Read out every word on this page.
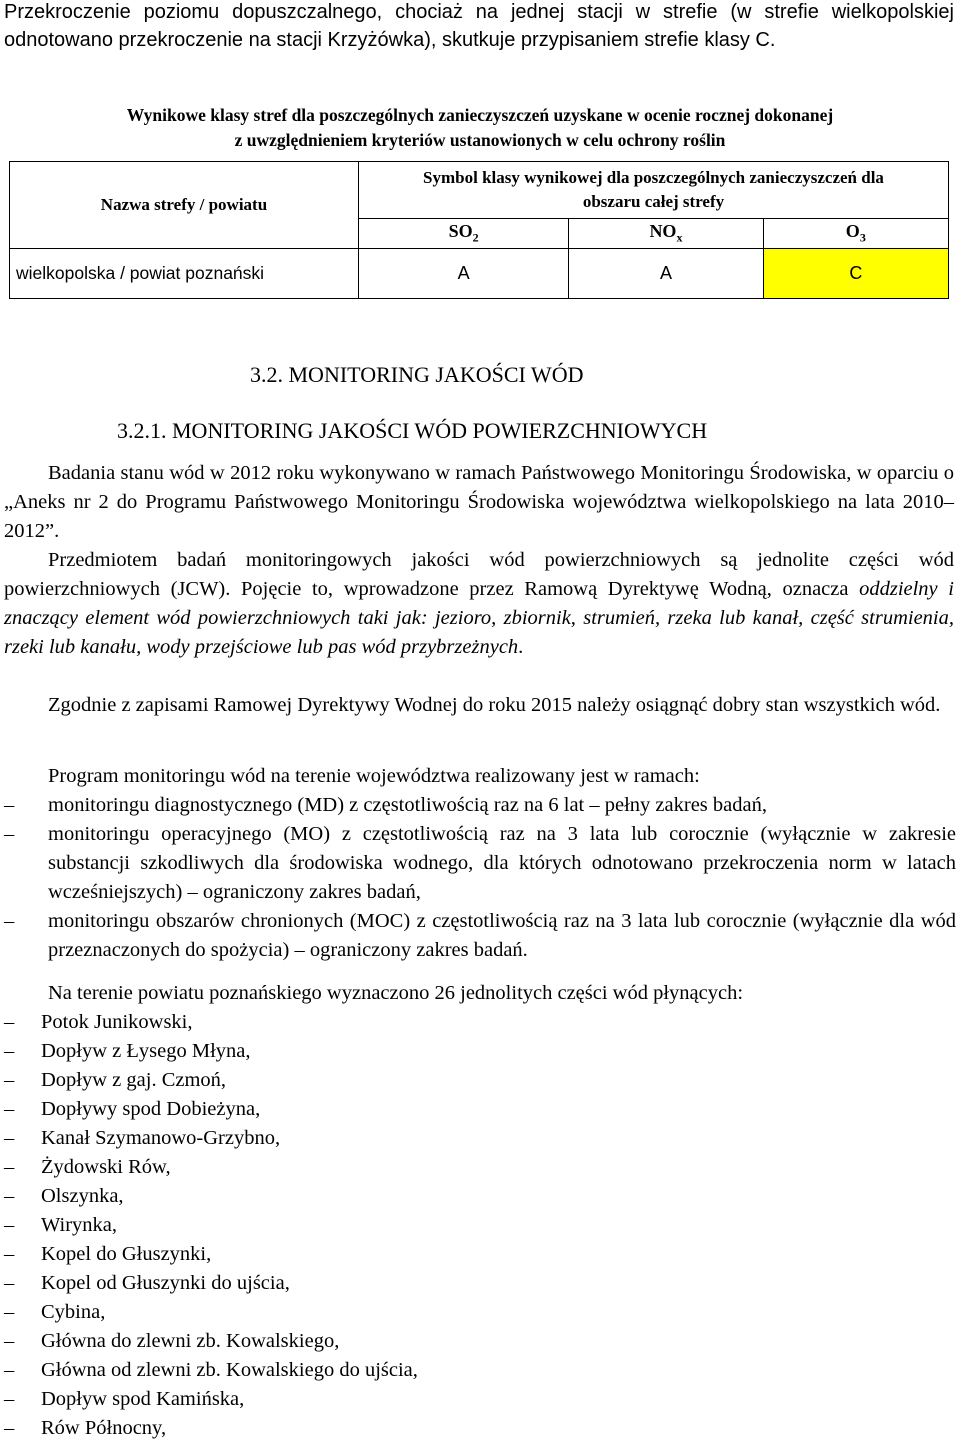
Przekroczenie poziomu dopuszczalnego, chociaż na jednej stacji w strefie (w strefie wielkopolskiej odnotowano przekroczenie na stacji Krzyżówka), skutkuje przypisaniem strefie klasy C.
Wynikowe klasy stref dla poszczególnych zanieczyszczeń uzyskane w ocenie rocznej dokonanej
z uwzględnieniem kryteriów ustanowionych w celu ochrony roślin
Nazwa strefy / powiatu	Symbol klasy wynikowej dla poszczególnych zanieczyszczeń dla
obszaru całej strefy		

	$SO_2$	$NO_x$	$O_3$
wielkopolska / powiat poznański	A	A	C
3.2. MONITORING JAKOŚCI WÓD
3.2.1. MONITORING JAKOŚCI WÓD POWIERZCHNIOWYCH
Badania stanu wód w 2012 roku wykonywano w ramach Państwowego Monitoringu Środowiska, w oparciu o „Aneks nr 2 do Programu Państwowego Monitoringu Środowiska województwa wielkopolskiego na lata 2010–2012”.
Przedmiotem badań monitoringowych jakości wód powierzchniowych są jednolite części wód powierzchniowych (JCW). Pojęcie to, wprowadzone przez Ramową Dyrektywę Wodną, oznacza oddzielny i znaczący element wód powierzchniowych taki jak: jezioro, zbiornik, strumień, rzeka lub kanał, część strumienia, rzeki lub kanału, wody przejściowe lub pas wód przybrzeżnych.
Zgodnie z zapisami Ramowej Dyrektywy Wodnej do roku 2015 należy osiągnąć dobry stan wszystkich wód.
Program monitoringu wód na terenie województwa realizowany jest w ramach:
– monitoringu diagnostycznego (MD) z częstotliwością raz na 6 lat – pełny zakres badań,
– monitoringu operacyjnego (MO) z częstotliwością raz na 3 lata lub corocznie (wyłącznie w zakresie substancji szkodliwych dla środowiska wodnego, dla których odnotowano przekroczenia norm w latach wcześniejszych) – ograniczony zakres badań,
– monitoringu obszarów chronionych (MOC) z częstotliwością raz na 3 lata lub corocznie (wyłącznie dla wód przeznaczonych do spożycia) – ograniczony zakres badań.
Na terenie powiatu poznańskiego wyznaczono 26 jednolitych części wód płynących:
–	Potok Junikowski,
–	Dopływ z Łysego Młyna,
–	Dopływ z gaj. Czmoń,
–	Dopływy spod Dobieżyna,
–	Kanał Szymanowo-Grzybno,
–	Żydowski Rów,
–	Olszynka,
–	Wirynka,
–	Kopel do Głuszynki,
–	Kopel od Głuszynki do ujścia,
–	Cybina,
–	Główna do zlewni zb. Kowalskiego,
–	Główna od zlewni zb. Kowalskiego do ujścia,
–	Dopływ spod Kamińska,
–	Rów Północny,
